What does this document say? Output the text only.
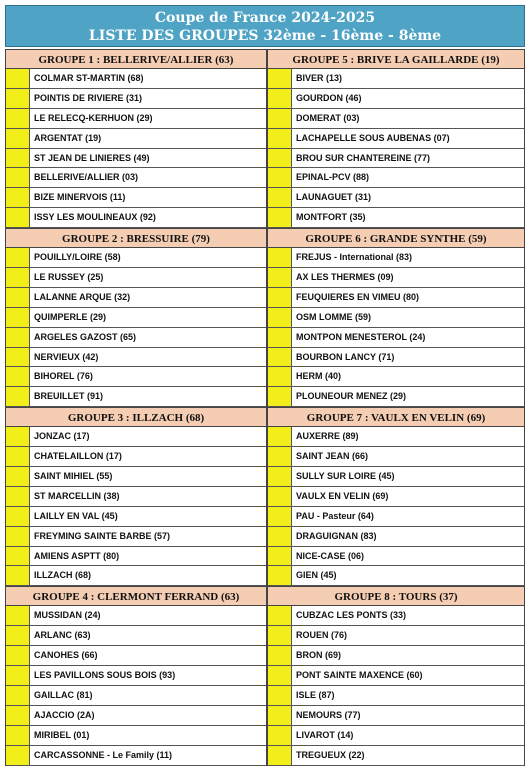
Coupe de France 2024-2025
LISTE DES GROUPES 32ème - 16ème - 8ème
GROUPE 1 : BELLERIVE/ALLIER (63)
COLMAR ST-MARTIN (68)
POINTIS DE RIVIERE (31)
LE RELECQ-KERHUON (29)
ARGENTAT (19)
ST JEAN DE LINIERES (49)
BELLERIVE/ALLIER (03)
BIZE MINERVOIS (11)
ISSY LES MOULINEAUX (92)
GROUPE 5 : BRIVE LA GAILLARDE (19)
BIVER (13)
GOURDON (46)
DOMERAT (03)
LACHAPELLE SOUS AUBENAS (07)
BROU SUR CHANTEREINE (77)
EPINAL-PCV (88)
LAUNAGUET (31)
MONTFORT (35)
GROUPE 2 : BRESSUIRE (79)
POUILLY/LOIRE (58)
LE RUSSEY (25)
LALANNE ARQUE (32)
QUIMPERLE (29)
ARGELES GAZOST (65)
NERVIEUX (42)
BIHOREL (76)
BREUILLET (91)
GROUPE 6 : GRANDE SYNTHE (59)
FREJUS - International (83)
AX LES THERMES (09)
FEUQUIERES EN VIMEU (80)
OSM LOMME (59)
MONTPON MENESTEROL (24)
BOURBON LANCY (71)
HERM (40)
PLOUNEOUR MENEZ (29)
GROUPE 3 : ILLZACH (68)
JONZAC (17)
CHATELAILLON (17)
SAINT MIHIEL (55)
ST MARCELLIN (38)
LAILLY EN VAL (45)
FREYMING SAINTE BARBE (57)
AMIENS ASPTT (80)
ILLZACH (68)
GROUPE 7 : VAULX EN VELIN (69)
AUXERRE (89)
SAINT JEAN (66)
SULLY SUR LOIRE (45)
VAULX EN VELIN (69)
PAU - Pasteur (64)
DRAGUIGNAN (83)
NICE-CASE (06)
GIEN (45)
GROUPE 4 : CLERMONT FERRAND (63)
MUSSIDAN (24)
ARLANC (63)
CANOHES (66)
LES PAVILLONS SOUS BOIS (93)
GAILLAC (81)
AJACCIO (2A)
MIRIBEL (01)
CARCASSONNE - Le Family (11)
GROUPE 8 : TOURS (37)
CUBZAC LES PONTS (33)
ROUEN (76)
BRON (69)
PONT SAINTE MAXENCE (60)
ISLE (87)
NEMOURS (77)
LIVAROT (14)
TREGUEUX (22)
